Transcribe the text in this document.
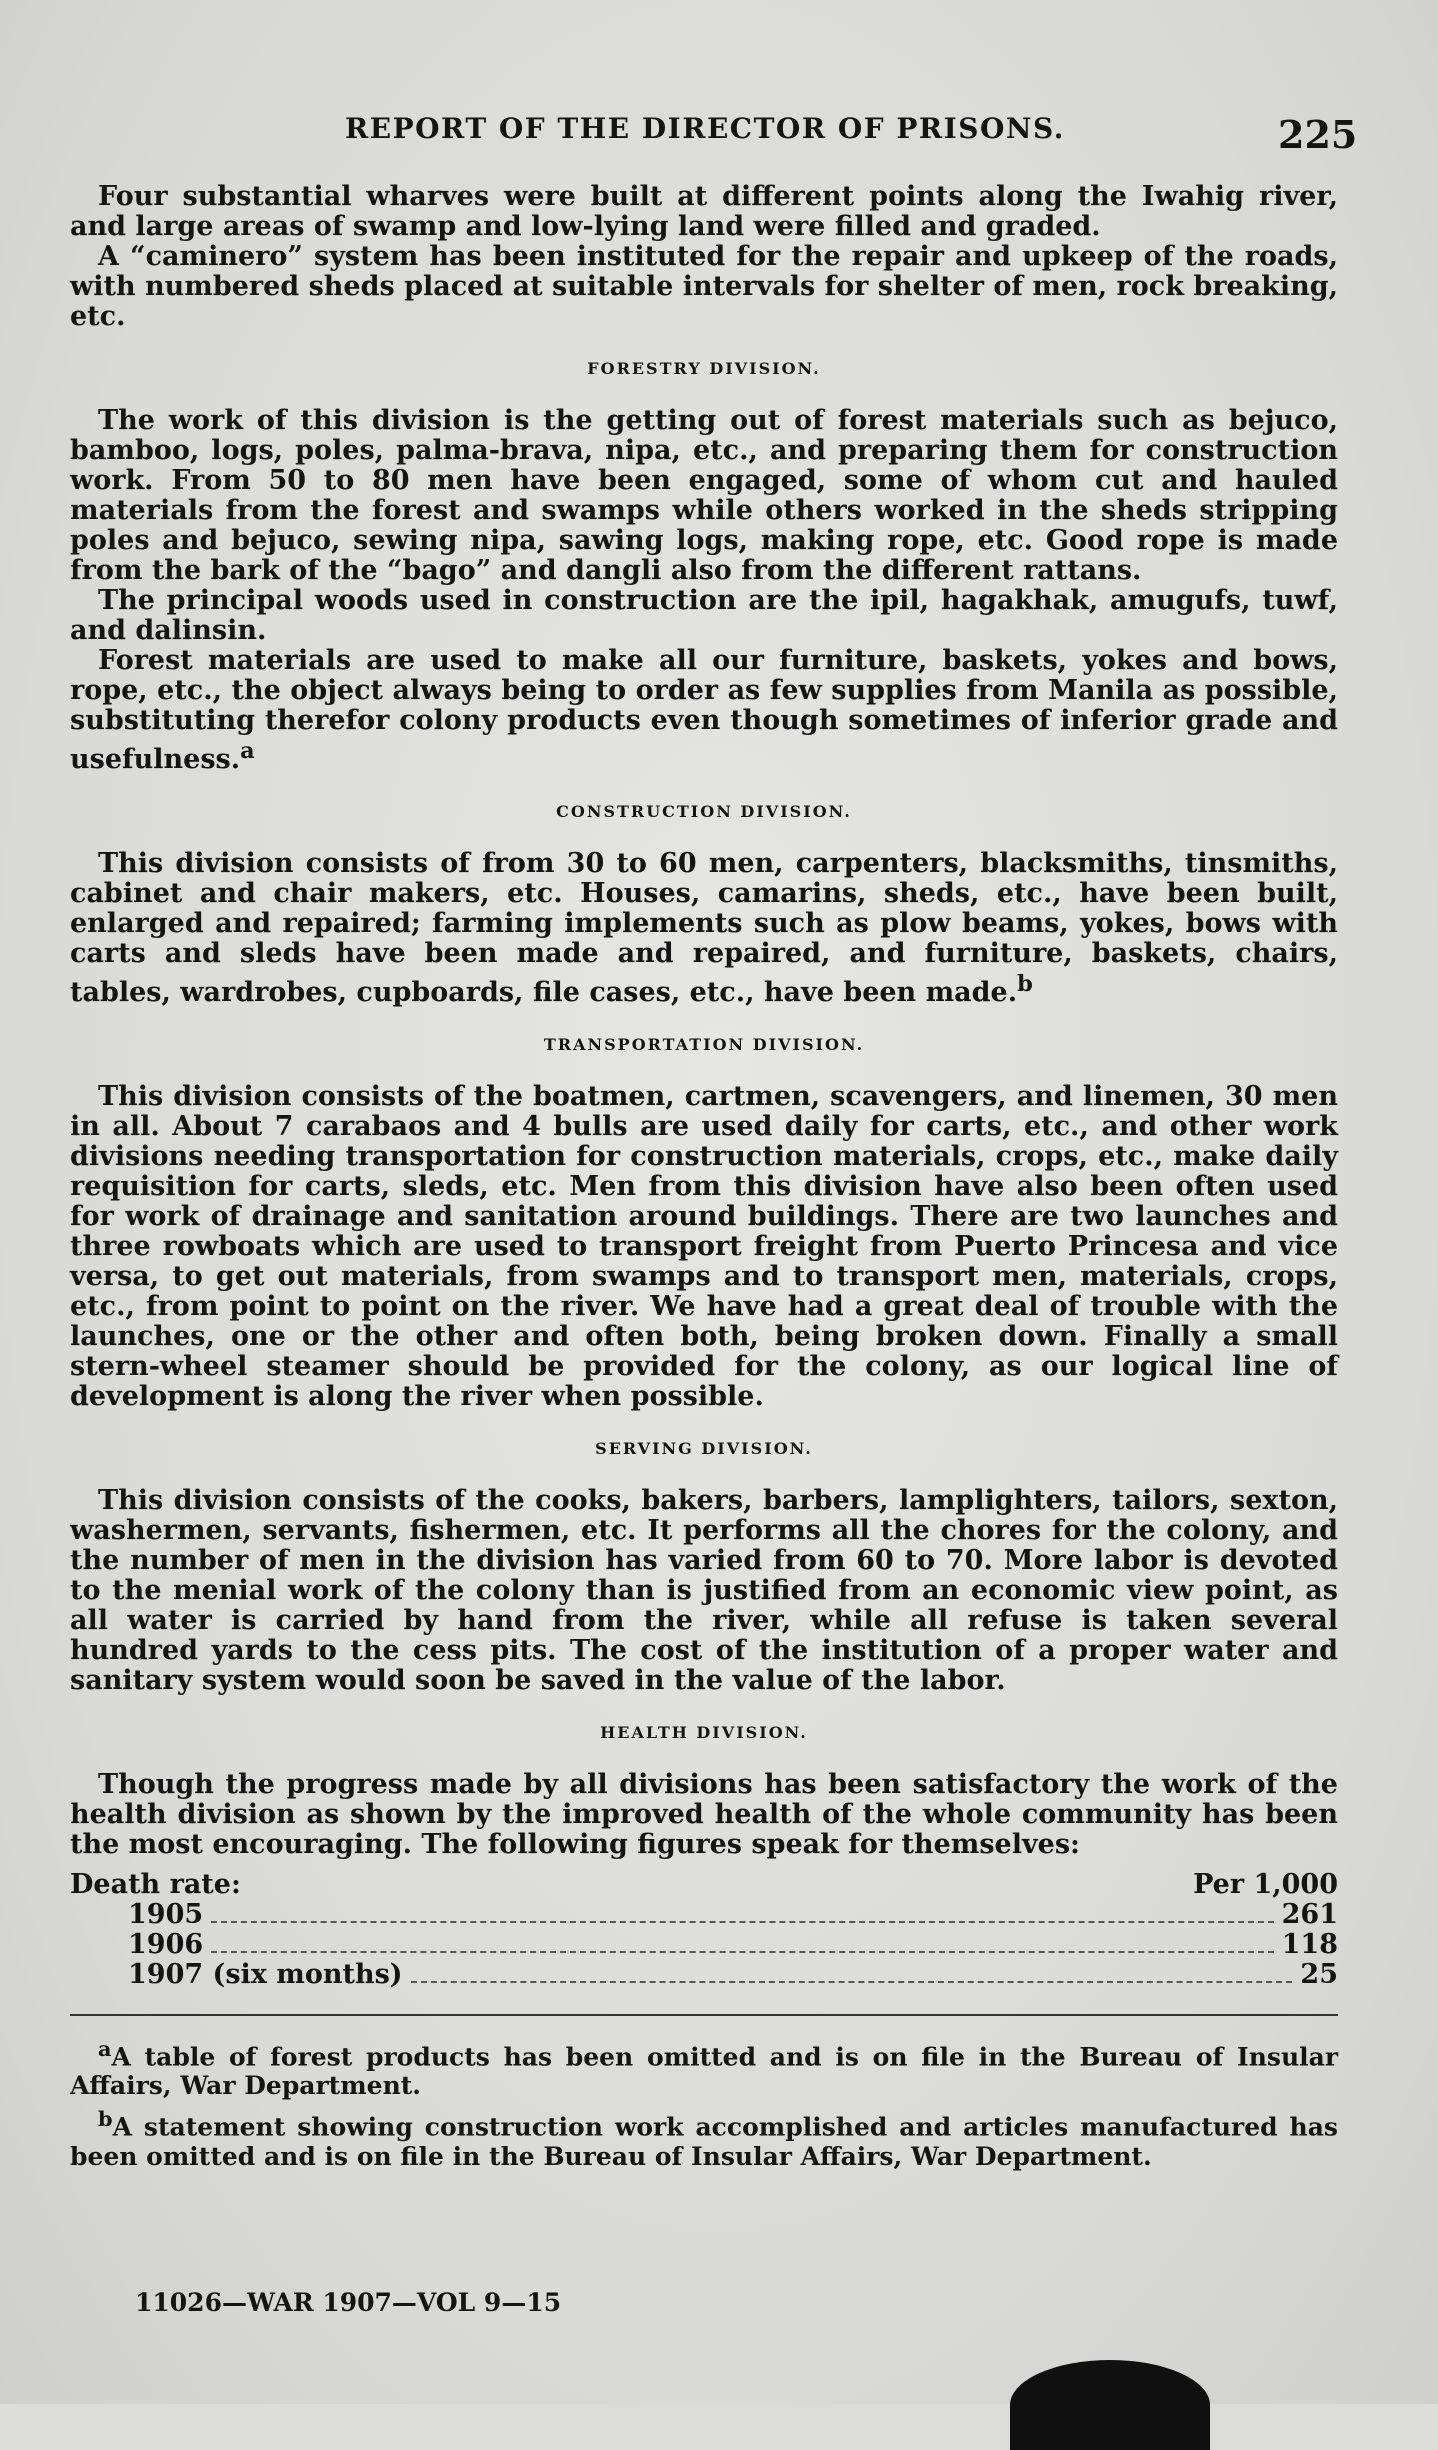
REPORT OF THE DIRECTOR OF PRISONS.	225

Four substantial wharves were built at different points along the Iwahig river, and large areas of swamp and low-lying land were filled and graded.

A “caminero” system has been instituted for the repair and upkeep of the roads, with numbered sheds placed at suitable intervals for shelter of men, rock breaking, etc.

FORESTRY DIVISION.

The work of this division is the getting out of forest materials such as bejuco, bamboo, logs, poles, palma-brava, nipa, etc., and preparing them for construction work. From 50 to 80 men have been engaged, some of whom cut and hauled materials from the forest and swamps while others worked in the sheds stripping poles and bejuco, sewing nipa, sawing logs, making rope, etc. Good rope is made from the bark of the “bago” and dangli also from the different rattans.

The principal woods used in construction are the ipil, hagakhak, amugufs, tuwf, and dalinsin.

Forest materials are used to make all our furniture, baskets, yokes and bows, rope, etc., the object always being to order as few supplies from Manila as possible, substituting therefor colony products even though sometimes of inferior grade and usefulness.$^a$

CONSTRUCTION DIVISION.

This division consists of from 30 to 60 men, carpenters, blacksmiths, tinsmiths, cabinet and chair makers, etc. Houses, camarins, sheds, etc., have been built, enlarged and repaired; farming implements such as plow beams, yokes, bows with carts and sleds have been made and repaired, and furniture, baskets, chairs, tables, wardrobes, cupboards, file cases, etc., have been made.$^b$

TRANSPORTATION DIVISION.

This division consists of the boatmen, cartmen, scavengers, and linemen, 30 men in all. About 7 carabaos and 4 bulls are used daily for carts, etc., and other work divisions needing transportation for construction materials, crops, etc., make daily requisition for carts, sleds, etc. Men from this division have also been often used for work of drainage and sanitation around buildings. There are two launches and three rowboats which are used to transport freight from Puerto Princesa and vice versa, to get out materials, from swamps and to transport men, materials, crops, etc., from point to point on the river. We have had a great deal of trouble with the launches, one or the other and often both, being broken down. Finally a small stern-wheel steamer should be provided for the colony, as our logical line of development is along the river when possible.

SERVING DIVISION.

This division consists of the cooks, bakers, barbers, lamplighters, tailors, sexton, washermen, servants, fishermen, etc. It performs all the chores for the colony, and the number of men in the division has varied from 60 to 70. More labor is devoted to the menial work of the colony than is justified from an economic view point, as all water is carried by hand from the river, while all refuse is taken several hundred yards to the cess pits. The cost of the institution of a proper water and sanitary system would soon be saved in the value of the labor.

HEALTH DIVISION.

Though the progress made by all divisions has been satisfactory the work of the health division as shown by the improved health of the whole community has been the most encouraging. The following figures speak for themselves:

Death rate:	Per 1,000
1905	261
1906	118
1907 (six months)	25

$^a$A table of forest products has been omitted and is on file in the Bureau of Insular Affairs, War Department.

$^b$A statement showing construction work accomplished and articles manufactured has been omitted and is on file in the Bureau of Insular Affairs, War Department.

11026—WAR 1907—VOL 9—15
